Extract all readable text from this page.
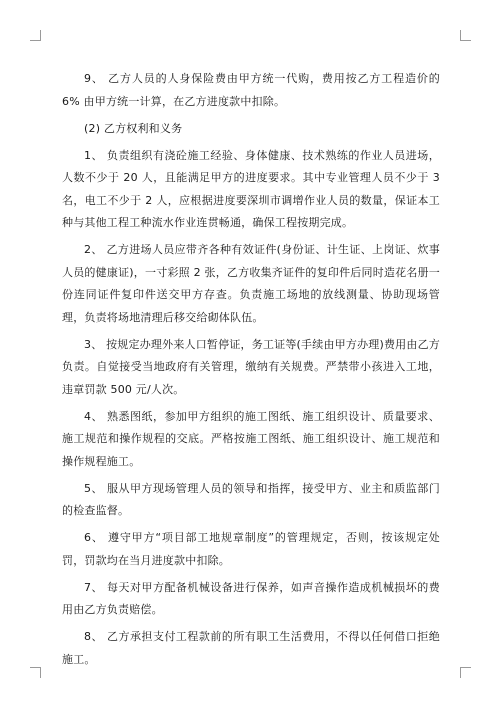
9、 乙方人员的人身保险费由甲方统一代购，费用按乙方工程造价的 6% 由甲方统一计算，在乙方进度款中扣除。

(2) 乙方权利和义务

1、 负责组织有浇砼施工经验、身体健康、技术熟练的作业人员进场，人数不少于 20 人，且能满足甲方的进度要求。其中专业管理人员不少于 3 名，电工不少于 2 人，应根据进度要深圳市调增作业人员的数量，保证本工种与其他工程工种流水作业连贯畅通，确保工程按期完成。

2、 乙方进场人员应带齐各种有效证件(身份证、计生证、上岗证、炊事人员的健康证)，一寸彩照 2 张，乙方收集齐证件的复印件后同时造花名册一份连同证件复印件送交甲方存查。负责施工场地的放线测量、协助现场管理，负责将场地清理后移交给砌体队伍。

3、 按规定办理外来人口暂停证，务工证等(手续由甲方办理)费用由乙方负责。自觉接受当地政府有关管理，缴纳有关规费。严禁带小孩进入工地，违章罚款 500 元/人次。

4、 熟悉图纸，参加甲方组织的施工图纸、施工组织设计、质量要求、施工规范和操作规程的交底。严格按施工图纸、施工组织设计、施工规范和操作规程施工。

5、 服从甲方现场管理人员的领导和指挥，接受甲方、业主和质监部门的检查监督。

6、 遵守甲方“项目部工地规章制度”的管理规定，否则，按该规定处罚，罚款均在当月进度款中扣除。

7、 每天对甲方配备机械设备进行保养，如声音操作造成机械损坏的费用由乙方负责赔偿。

8、 乙方承担支付工程款前的所有职工生活费用，不得以任何借口拒绝施工。
